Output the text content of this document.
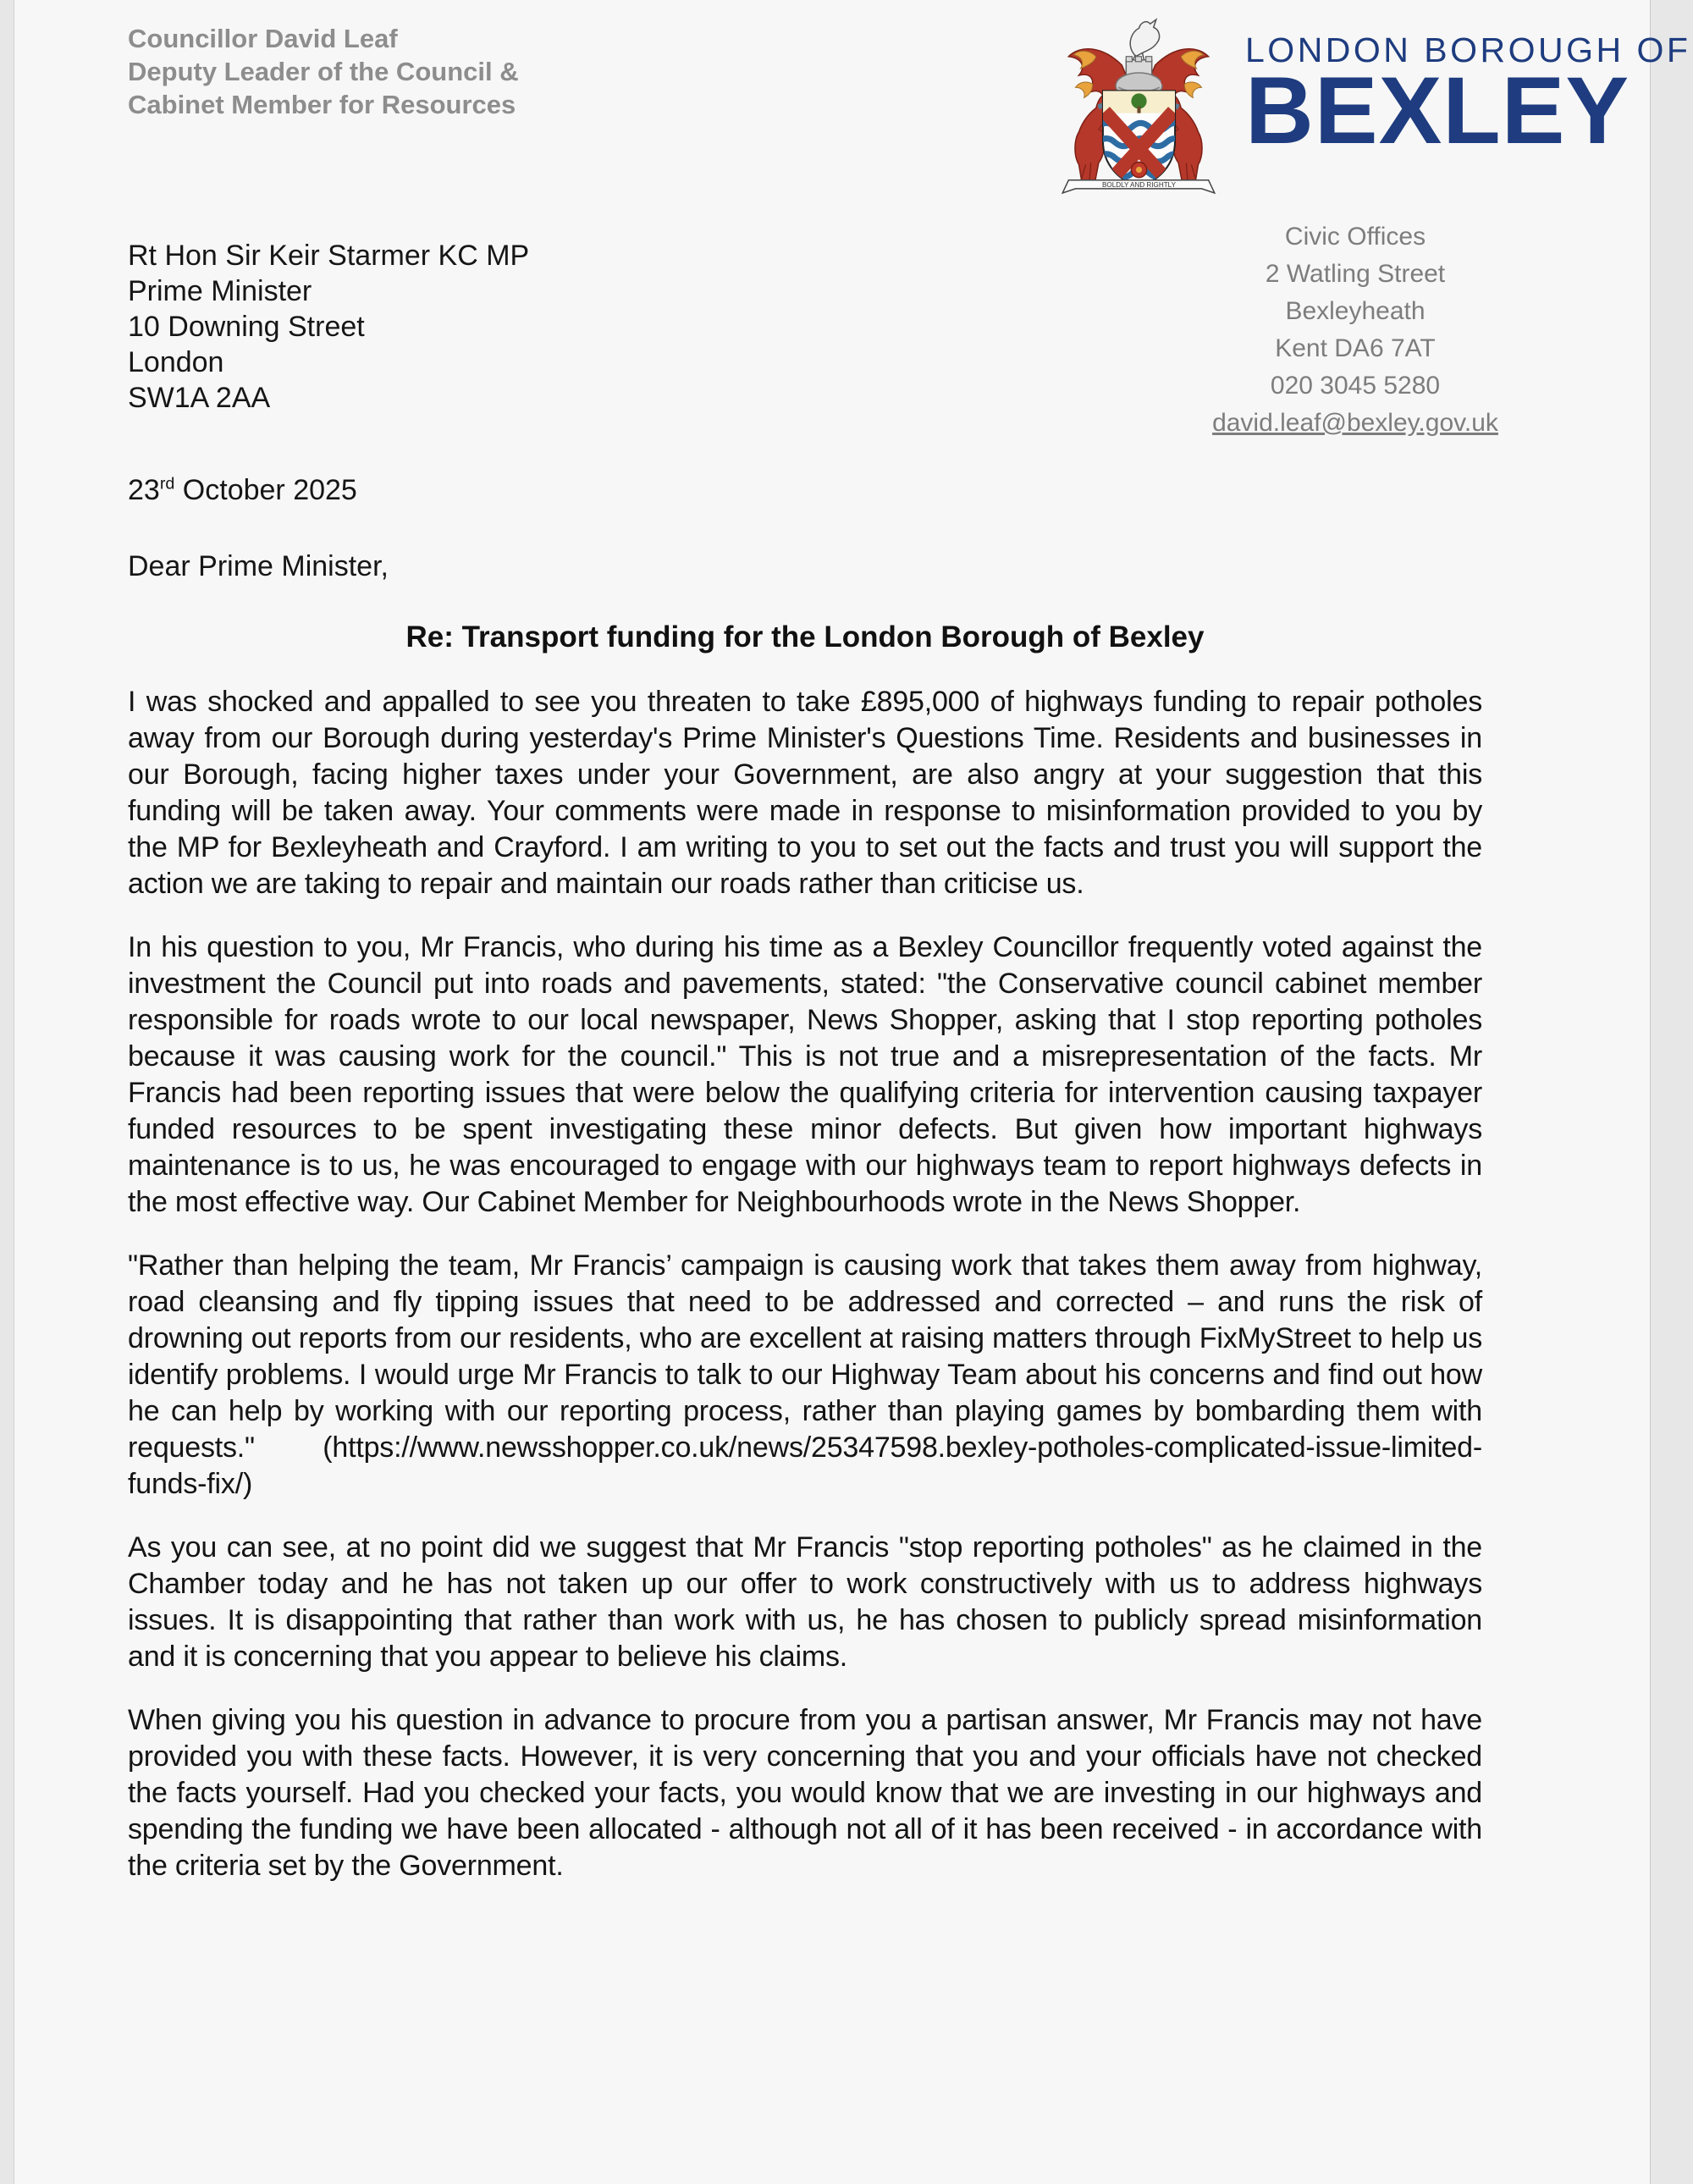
Councillor David Leaf
Deputy Leader of the Council &
Cabinet Member for Resources
BOLDLY AND RIGHTLY
LONDON BOROUGH OF
BEXLEY
Civic Offices
2 Watling Street
Bexleyheath
Kent DA6 7AT
020 3045 5280
david.leaf@bexley.gov.uk
Rt Hon Sir Keir Starmer KC MP
Prime Minister
10 Downing Street
London
SW1A 2AA
23rd October 2025
Dear Prime Minister,
Re: Transport funding for the London Borough of Bexley

I was shocked and appalled to see you threaten to take £895,000 of highways funding to repair potholes away from our Borough during yesterday's Prime Minister's Questions Time. Residents and businesses in our Borough, facing higher taxes under your Government, are also angry at your suggestion that this funding will be taken away. Your comments were made in response to misinformation provided to you by the MP for Bexleyheath and Crayford. I am writing to you to set out the facts and trust you will support the action we are taking to repair and maintain our roads rather than criticise us.

In his question to you, Mr Francis, who during his time as a Bexley Councillor frequently voted against the investment the Council put into roads and pavements, stated: "the Conservative council cabinet member responsible for roads wrote to our local newspaper, News Shopper, asking that I stop reporting potholes because it was causing work for the council." This is not true and a misrepresentation of the facts. Mr Francis had been reporting issues that were below the qualifying criteria for intervention causing taxpayer funded resources to be spent investigating these minor defects. But given how important highways maintenance is to us, he was encouraged to engage with our highways team to report highways defects in the most effective way. Our Cabinet Member for Neighbourhoods wrote in the News Shopper.

"Rather than helping the team, Mr Francis’ campaign is causing work that takes them away from highway, road cleansing and fly tipping issues that need to be addressed and corrected – and runs the risk of drowning out reports from our residents, who are excellent at raising matters through FixMyStreet to help us identify problems. I would urge Mr Francis to talk to our Highway Team about his concerns and find out how he can help by working with our reporting process, rather than playing games by bombarding them with requests." (https://www.newsshopper.co.uk/news/25347598.bexley-potholes-complicated-issue-limited-funds-fix/)

As you can see, at no point did we suggest that Mr Francis "stop reporting potholes" as he claimed in the Chamber today and he has not taken up our offer to work constructively with us to address highways issues. It is disappointing that rather than work with us, he has chosen to publicly spread misinformation and it is concerning that you appear to believe his claims.

When giving you his question in advance to procure from you a partisan answer, Mr Francis may not have provided you with these facts. However, it is very concerning that you and your officials have not checked the facts yourself. Had you checked your facts, you would know that we are investing in our highways and spending the funding we have been allocated - although not all of it has been received - in accordance with the criteria set by the Government.
